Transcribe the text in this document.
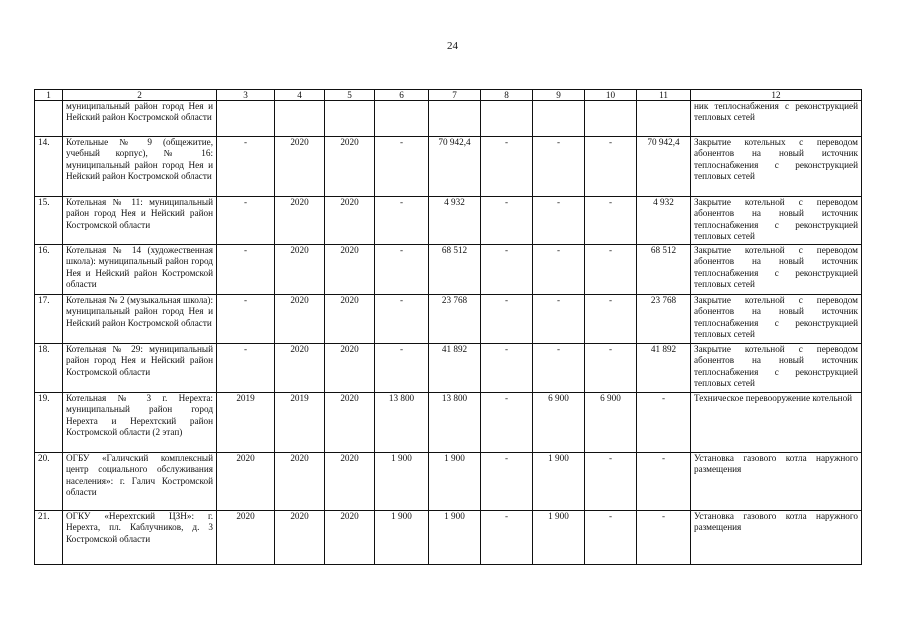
24
1	2	3	4	5	6	7	8	9	10	11	12
	муниципальный район город Нея и Нейский район Костромской области										ник теплоснабжения с реконструкцией тепловых сетей
14.	Котельные № 9 (общежитие, учебный корпус), № 16: муниципальный район город Нея и Нейский район Костромской области	-	2020	2020	-	70 942,4	-	-	-	70 942,4	Закрытие котельных с переводом абонентов на новый источник теплоснабжения с реконструкцией тепловых сетей
15.	Котельная № 11: муниципальный район город Нея и Нейский район Костромской области	-	2020	2020	-	4 932	-	-	-	4 932	Закрытие котельной с переводом абонентов на новый источник теплоснабжения с реконструкцией тепловых сетей
16.	Котельная № 14 (художественная школа): муниципальный район город Нея и Нейский район Костромской области	-	2020	2020	-	68 512	-	-	-	68 512	Закрытие котельной с переводом абонентов на новый источник теплоснабжения с реконструкцией тепловых сетей
17.	Котельная № 2 (музыкальная школа): муниципальный район город Нея и Нейский район Костромской области	-	2020	2020	-	23 768	-	-	-	23 768	Закрытие котельной с переводом абонентов на новый источник теплоснабжения с реконструкцией тепловых сетей
18.	Котельная № 29: муниципальный район город Нея и Нейский район Костромской области	-	2020	2020	-	41 892	-	-	-	41 892	Закрытие котельной с переводом абонентов на новый источник теплоснабжения с реконструкцией тепловых сетей
19.	Котельная № 3 г. Нерехта: муниципальный район город Нерехта и Нерехтский район Костромской области (2 этап)	2019	2019	2020	13 800	13 800	-	6 900	6 900	-	Техническое перевооружение котельной
20.	ОГБУ «Галичский комплексный центр социального обслуживания населения»: г. Галич Костромской области	2020	2020	2020	1 900	1 900	-	1 900	-	-	Установка газового котла наружного размещения
21.	ОГКУ «Нерехтский ЦЗН»: г. Нерехта, пл. Каблучников, д. 3 Костромской области	2020	2020	2020	1 900	1 900	-	1 900	-	-	Установка газового котла наружного размещения
